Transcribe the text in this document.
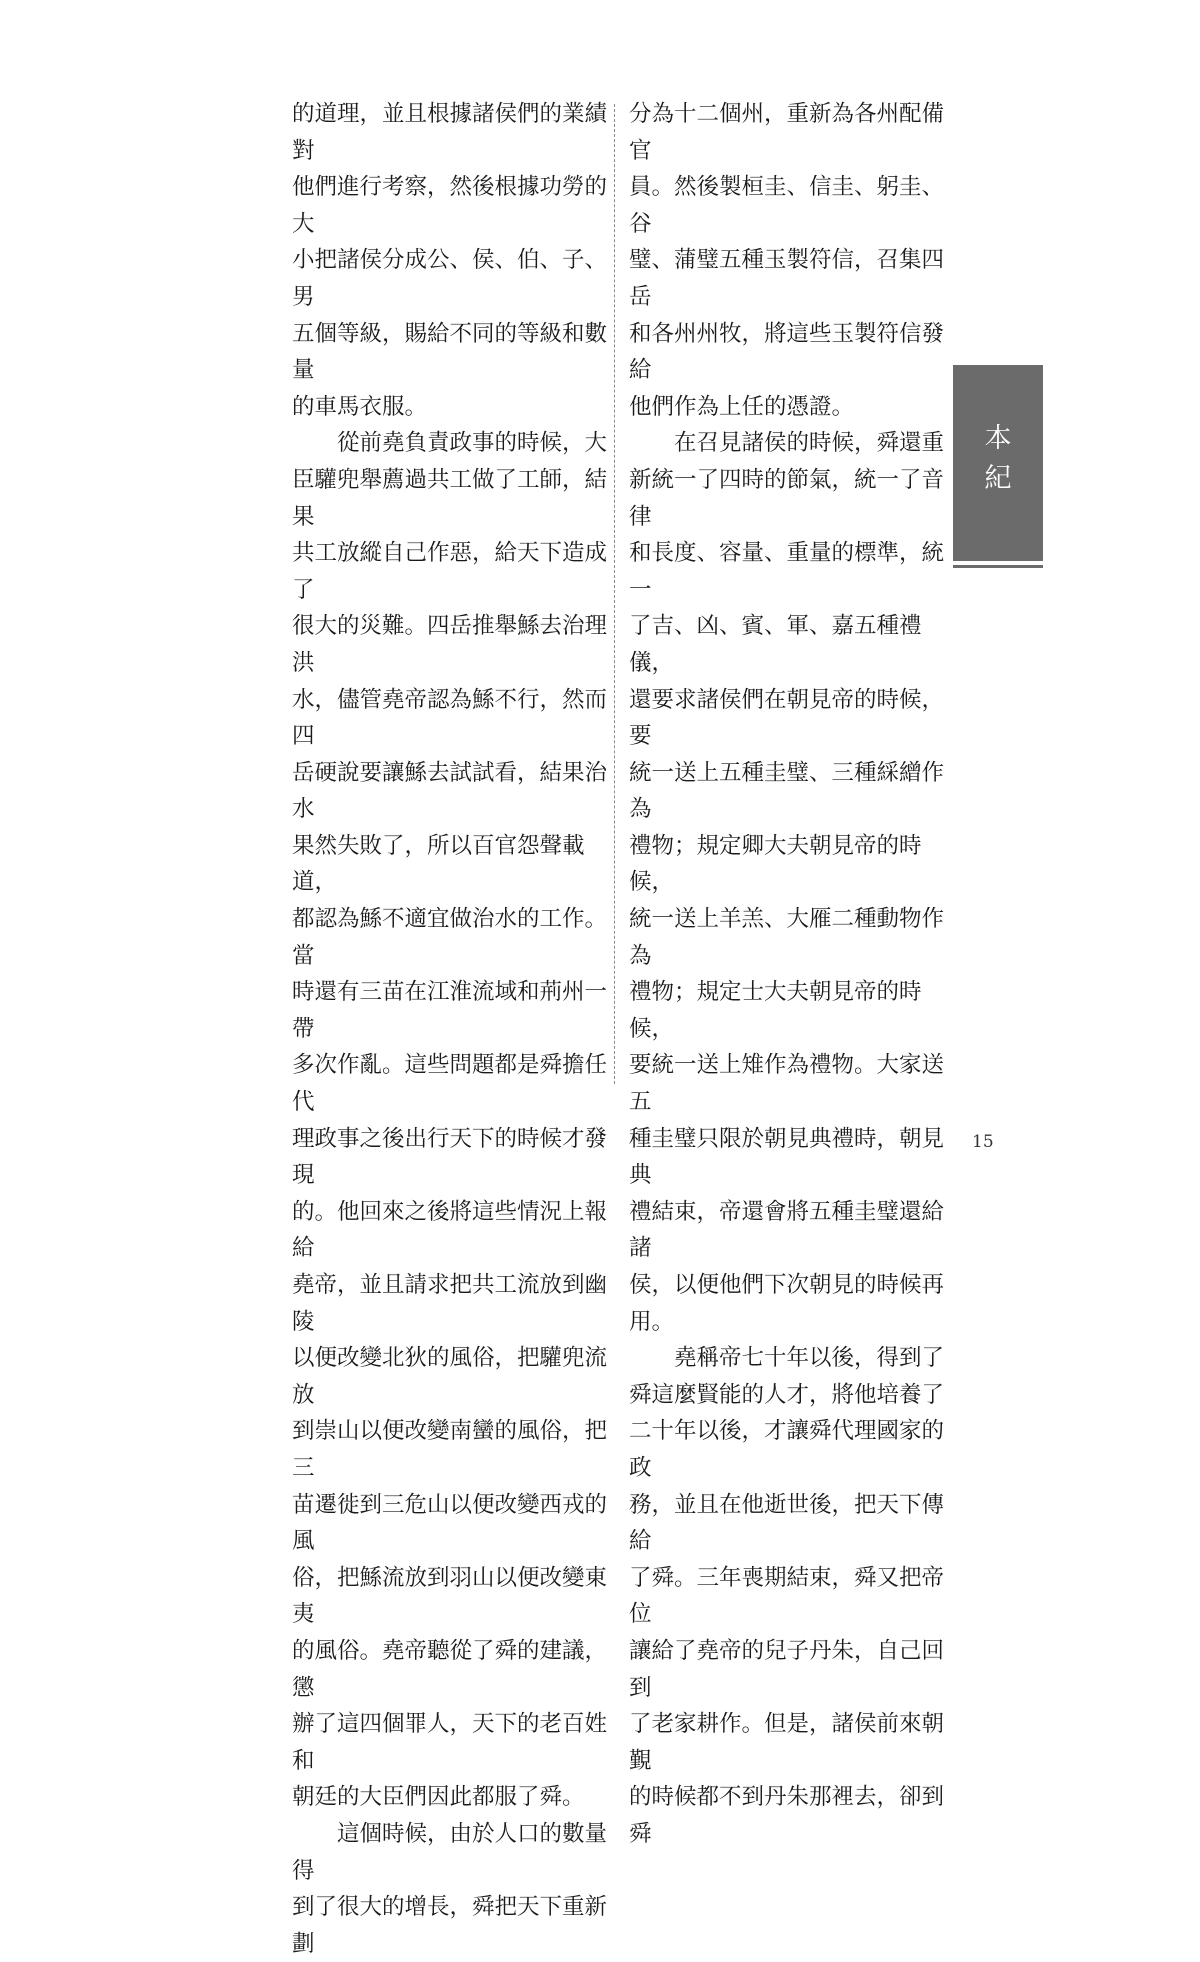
的道理，並且根據諸侯們的業績對
他們進行考察，然後根據功勞的大
小把諸侯分成公、侯、伯、子、男
五個等級，賜給不同的等級和數量
的車馬衣服。

　　從前堯負責政事的時候，大
臣驩兜舉薦過共工做了工師，結果
共工放縱自己作惡，給天下造成了
很大的災難。四岳推舉鯀去治理洪
水，儘管堯帝認為鯀不行，然而四
岳硬說要讓鯀去試試看，結果治水
果然失敗了，所以百官怨聲載道，
都認為鯀不適宜做治水的工作。當
時還有三苗在江淮流域和荊州一帶
多次作亂。這些問題都是舜擔任代
理政事之後出行天下的時候才發現
的。他回來之後將這些情況上報給
堯帝，並且請求把共工流放到幽陵
以便改變北狄的風俗，把驩兜流放
到崇山以便改變南蠻的風俗，把三
苗遷徙到三危山以便改變西戎的風
俗，把鯀流放到羽山以便改變東夷
的風俗。堯帝聽從了舜的建議，懲
辦了這四個罪人，天下的老百姓和
朝廷的大臣們因此都服了舜。

　　這個時候，由於人口的數量得
到了很大的增長，舜把天下重新劃

分為十二個州，重新為各州配備官
員。然後製桓圭、信圭、躬圭、谷
璧、蒲璧五種玉製符信，召集四岳
和各州州牧，將這些玉製符信發給
他們作為上任的憑證。

　　在召見諸侯的時候，舜還重
新統一了四時的節氣，統一了音律
和長度、容量、重量的標準，統一
了吉、凶、賓、軍、嘉五種禮儀，
還要求諸侯們在朝見帝的時候，要
統一送上五種圭璧、三種綵繒作為
禮物；規定卿大夫朝見帝的時候，
統一送上羊羔、大雁二種動物作為
禮物；規定士大夫朝見帝的時候，
要統一送上雉作為禮物。大家送五
種圭璧只限於朝見典禮時，朝見典
禮結束，帝還會將五種圭璧還給諸
侯，以便他們下次朝見的時候再
用。

　　堯稱帝七十年以後，得到了
舜這麼賢能的人才，將他培養了
二十年以後，才讓舜代理國家的政
務，並且在他逝世後，把天下傳給
了舜。三年喪期結束，舜又把帝位
讓給了堯帝的兒子丹朱，自己回到
了老家耕作。但是，諸侯前來朝覲
的時候都不到丹朱那裡去，卻到舜

本
紀
15
